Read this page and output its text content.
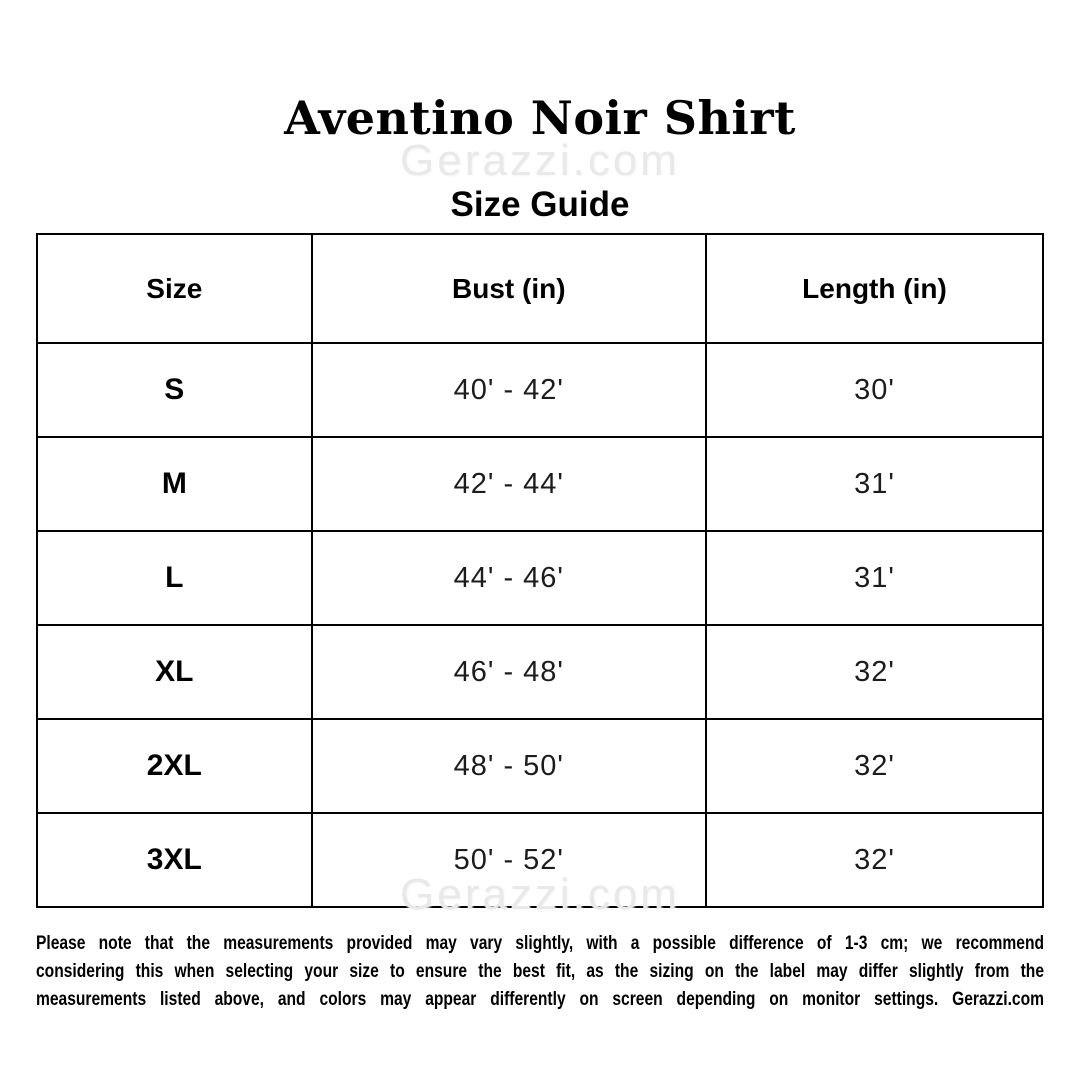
Aventino Noir Shirt
Gerazzi.com
Size Guide
Size	Bust (in)	Length (in)
S	40' - 42'	30'
M	42' - 44'	31'
L	44' - 46'	31'
XL	46' - 48'	32'
2XL	48' - 50'	32'
3XL	50' - 52'	32'
Gerazzi.com
Please note that the measurements provided may vary slightly, with a possible difference of 1-3 cm; we recommend
considering this when selecting your size to ensure the best fit, as the sizing on the label may differ slightly from the
measurements listed above, and colors may appear differently on screen depending on monitor settings. Gerazzi.com
